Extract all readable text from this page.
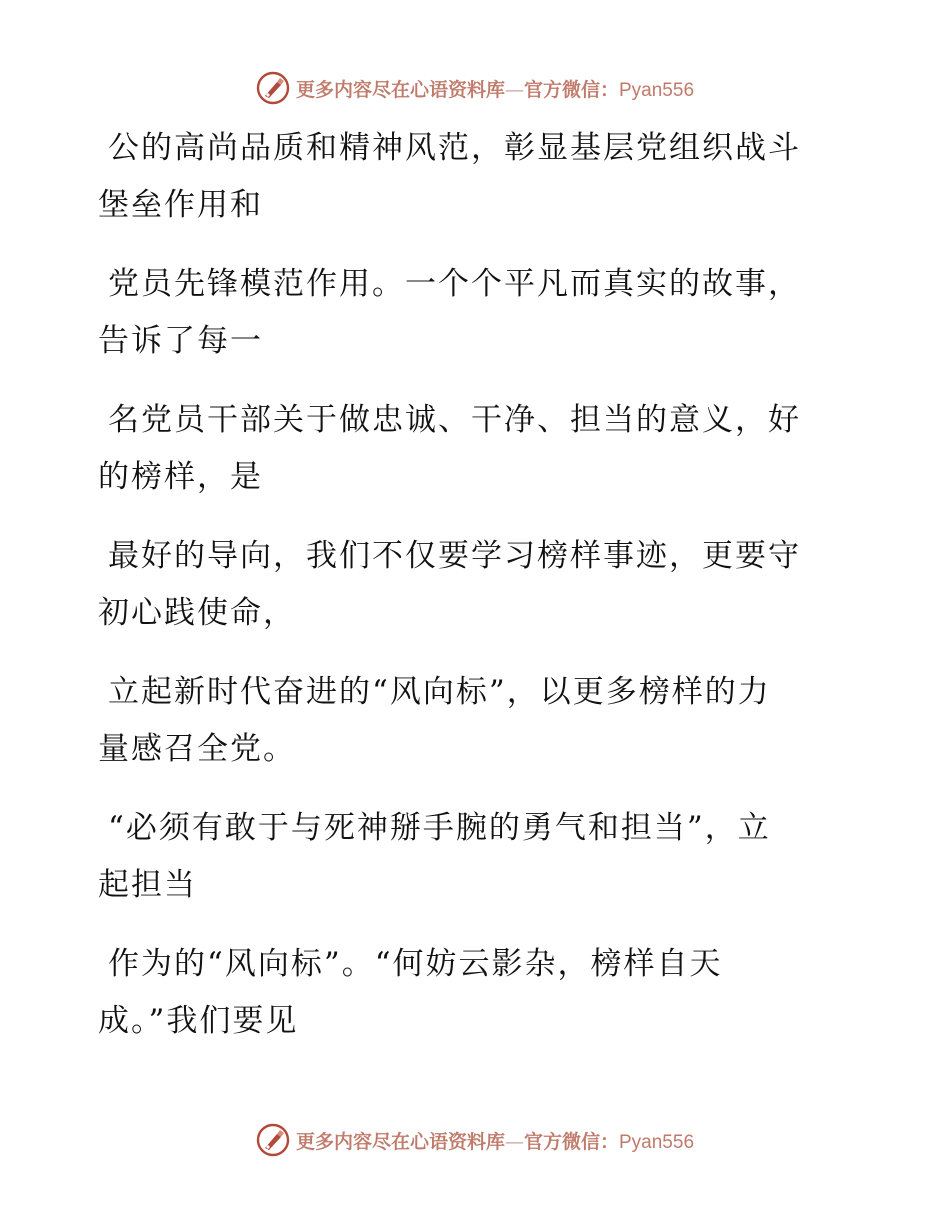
更多内容尽在心语资料库—官方微信：Pyan556
公的高尚品质和精神风范，彰显基层党组织战斗
堡垒作用和
党员先锋模范作用。一个个平凡而真实的故事，
告诉了每一
名党员干部关于做忠诚、干净、担当的意义，好
的榜样，是
最好的导向，我们不仅要学习榜样事迹，更要守
初心践使命，
立起新时代奋进的“风向标”，以更多榜样的力
量感召全党。
“必须有敢于与死神掰手腕的勇气和担当”，立
起担当
作为的“风向标”。“何妨云影杂，榜样自天
成。”我们要见
更多内容尽在心语资料库—官方微信：Pyan556
